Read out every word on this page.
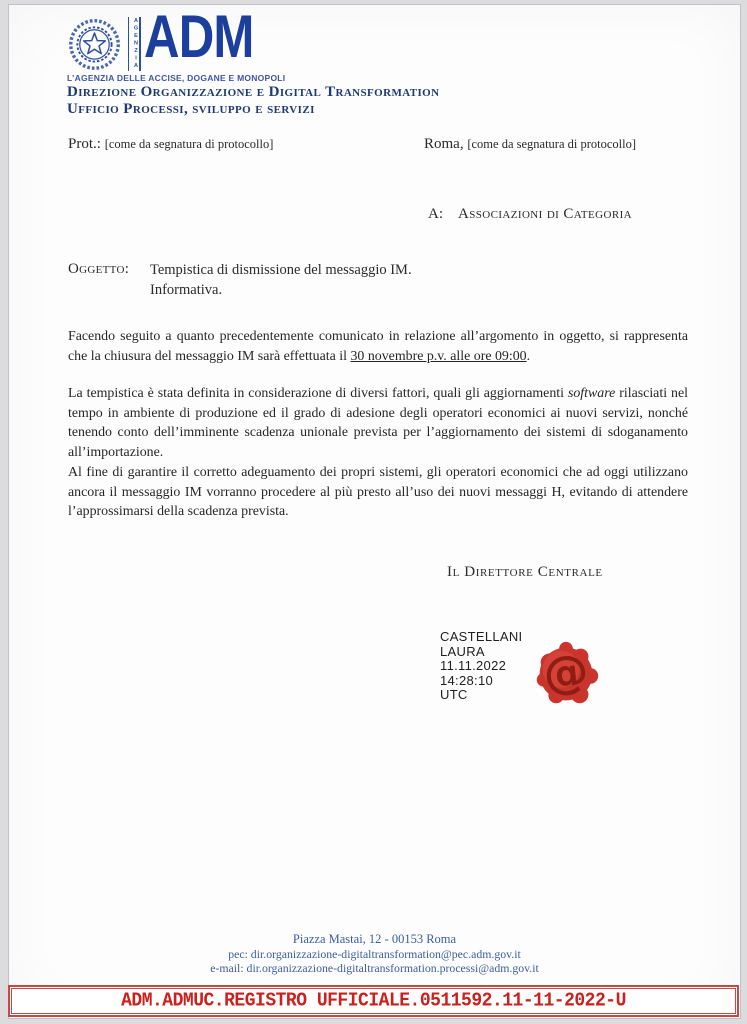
AGENZIA ADM
L’AGENZIA DELLE ACCISE, DOGANE E MONOPOLI
Direzione Organizzazione e Digital Transformation
Ufficio Processi, sviluppo e servizi
Prot.: [come da segnatura di protocollo]	Roma, [come da segnatura di protocollo]
A: Associazioni di Categoria
Oggetto: Tempistica di dismissione del messaggio IM.
Informativa.

Facendo seguito a quanto precedentemente comunicato in relazione all’argomento in oggetto, si rappresenta che la chiusura del messaggio IM sarà effettuata il 30 novembre p.v. alle ore 09:00.

La tempistica è stata definita in considerazione di diversi fattori, quali gli aggiornamenti software rilasciati nel tempo in ambiente di produzione ed il grado di adesione degli operatori economici ai nuovi servizi, nonché tenendo conto dell’imminente scadenza unionale prevista per l’aggiornamento dei sistemi di sdoganamento all’importazione.

Al fine di garantire il corretto adeguamento dei propri sistemi, gli operatori economici che ad oggi utilizzano ancora il messaggio IM vorranno procedere al più presto all’uso dei nuovi messaggi H, evitando di attendere l’approssimarsi della scadenza prevista.

Il Direttore Centrale
CASTELLANI
LAURA
11.11.2022
14:28:10
UTC	@
Piazza Mastai, 12 - 00153 Roma
pec: dir.organizzazione-digitaltransformation@pec.adm.gov.it
e-mail: dir.organizzazione-digitaltransformation.processi@adm.gov.it
ADM.ADMUC.REGISTRO UFFICIALE.0511592.11-11-2022-U
